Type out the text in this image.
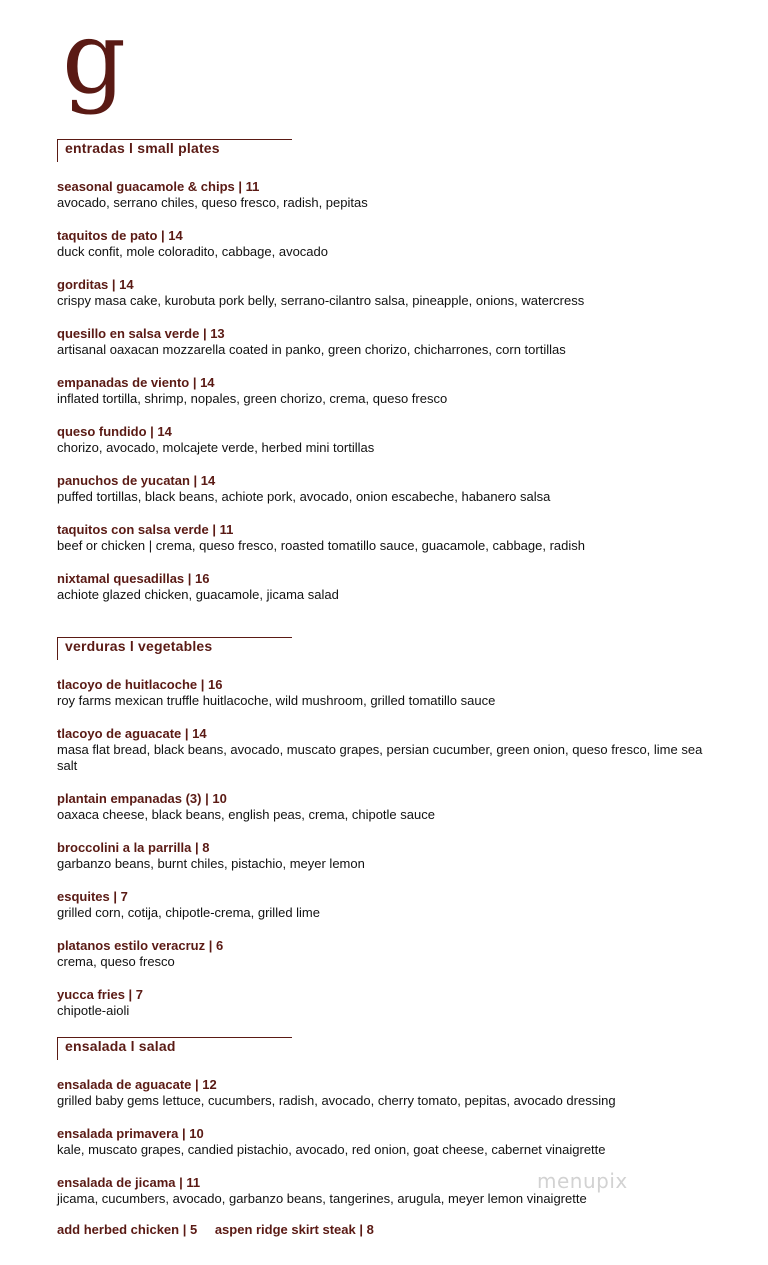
g
entradas l small plates
seasonal guacamole & chips | 11
avocado, serrano chiles, queso fresco, radish, pepitas
taquitos de pato | 14
duck confit, mole coloradito, cabbage, avocado
gorditas | 14
crispy masa cake, kurobuta pork belly, serrano-cilantro salsa, pineapple, onions, watercress
quesillo en salsa verde | 13
artisanal oaxacan mozzarella coated in panko, green chorizo, chicharrones, corn tortillas
empanadas de viento | 14
inflated tortilla, shrimp, nopales, green chorizo, crema, queso fresco
queso fundido | 14
chorizo, avocado, molcajete verde, herbed mini tortillas
panuchos de yucatan | 14
puffed tortillas, black beans, achiote pork, avocado, onion escabeche, habanero salsa
taquitos con salsa verde | 11
beef or chicken | crema, queso fresco, roasted tomatillo sauce, guacamole, cabbage, radish
nixtamal quesadillas | 16
achiote glazed chicken, guacamole, jicama salad
verduras l vegetables
tlacoyo de huitlacoche | 16
roy farms mexican truffle huitlacoche, wild mushroom, grilled tomatillo sauce
tlacoyo de aguacate | 14
masa flat bread, black beans, avocado, muscato grapes, persian cucumber, green onion, queso fresco, lime sea salt
plantain empanadas (3) | 10
oaxaca cheese, black beans, english peas, crema, chipotle sauce
broccolini a la parrilla | 8
garbanzo beans, burnt chiles, pistachio, meyer lemon
esquites | 7
grilled corn, cotija, chipotle-crema, grilled lime
platanos estilo veracruz | 6
crema, queso fresco
yucca fries | 7
chipotle-aioli
ensalada l salad
ensalada de aguacate | 12
grilled baby gems lettuce, cucumbers, radish, avocado, cherry tomato, pepitas, avocado dressing
ensalada primavera | 10
kale, muscato grapes, candied pistachio, avocado, red onion, goat cheese, cabernet vinaigrette
ensalada de jicama | 11
jicama, cucumbers, avocado, garbanzo beans, tangerines, arugula, meyer lemon vinaigrette
add herbed chicken | 5 aspen ridge skirt steak | 8
menupix
